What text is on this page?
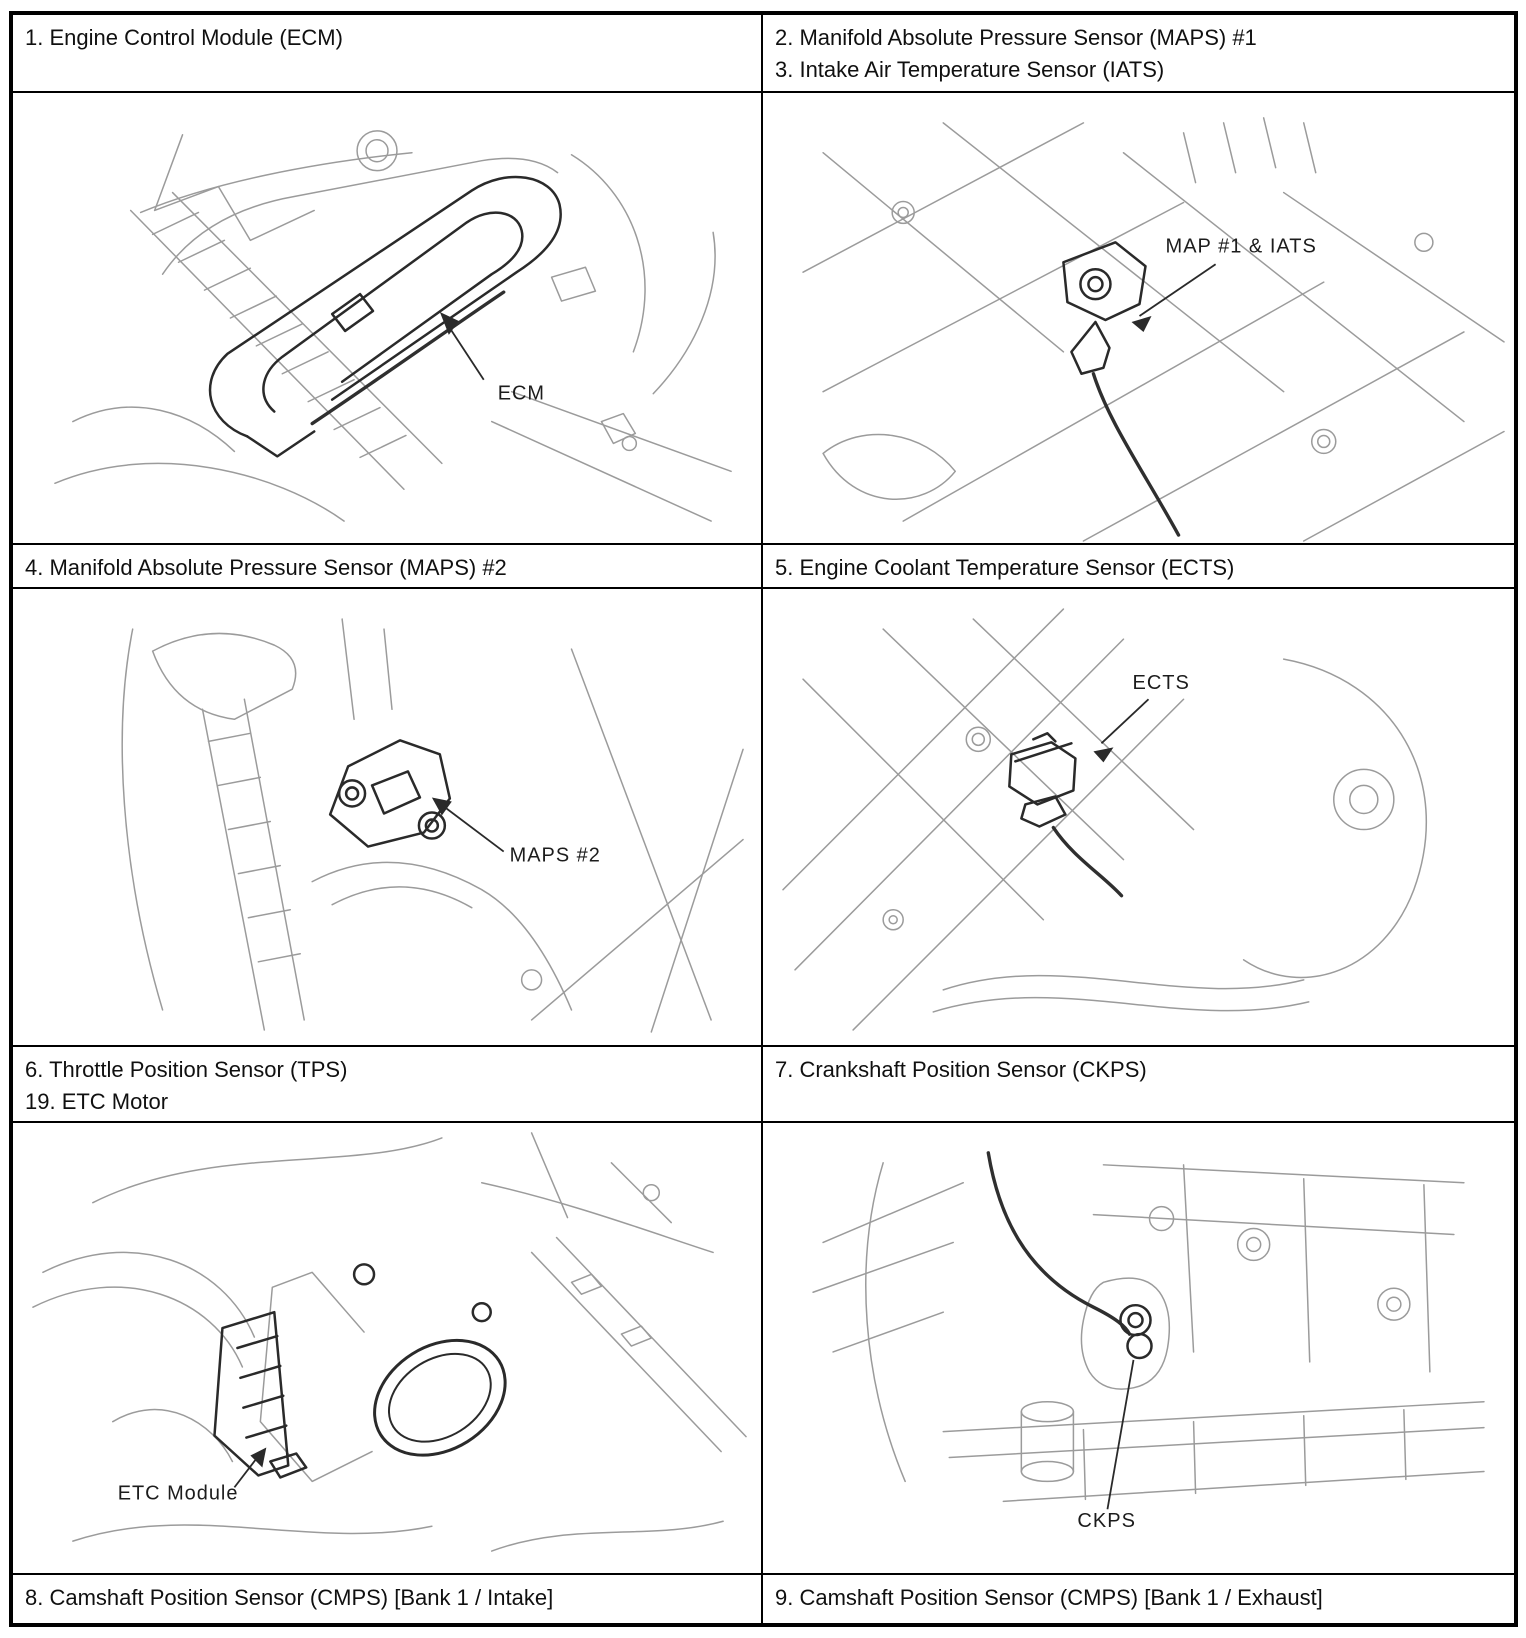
1. Engine Control Module (ECM)	2. Manifold Absolute Pressure Sensor (MAPS) #1
3. Intake Air Temperature Sensor (IATS)
ECM
MAP #1 & IATS
4. Manifold Absolute Pressure Sensor (MAPS) #2	5. Engine Coolant Temperature Sensor (ECTS)
MAPS #2
ECTS
6. Throttle Position Sensor (TPS)
19. ETC Motor
7. Crankshaft Position Sensor (CKPS)
ETC Module
CKPS
8. Camshaft Position Sensor (CMPS) [Bank 1 / Intake]	9. Camshaft Position Sensor (CMPS) [Bank 1 / Exhaust]
